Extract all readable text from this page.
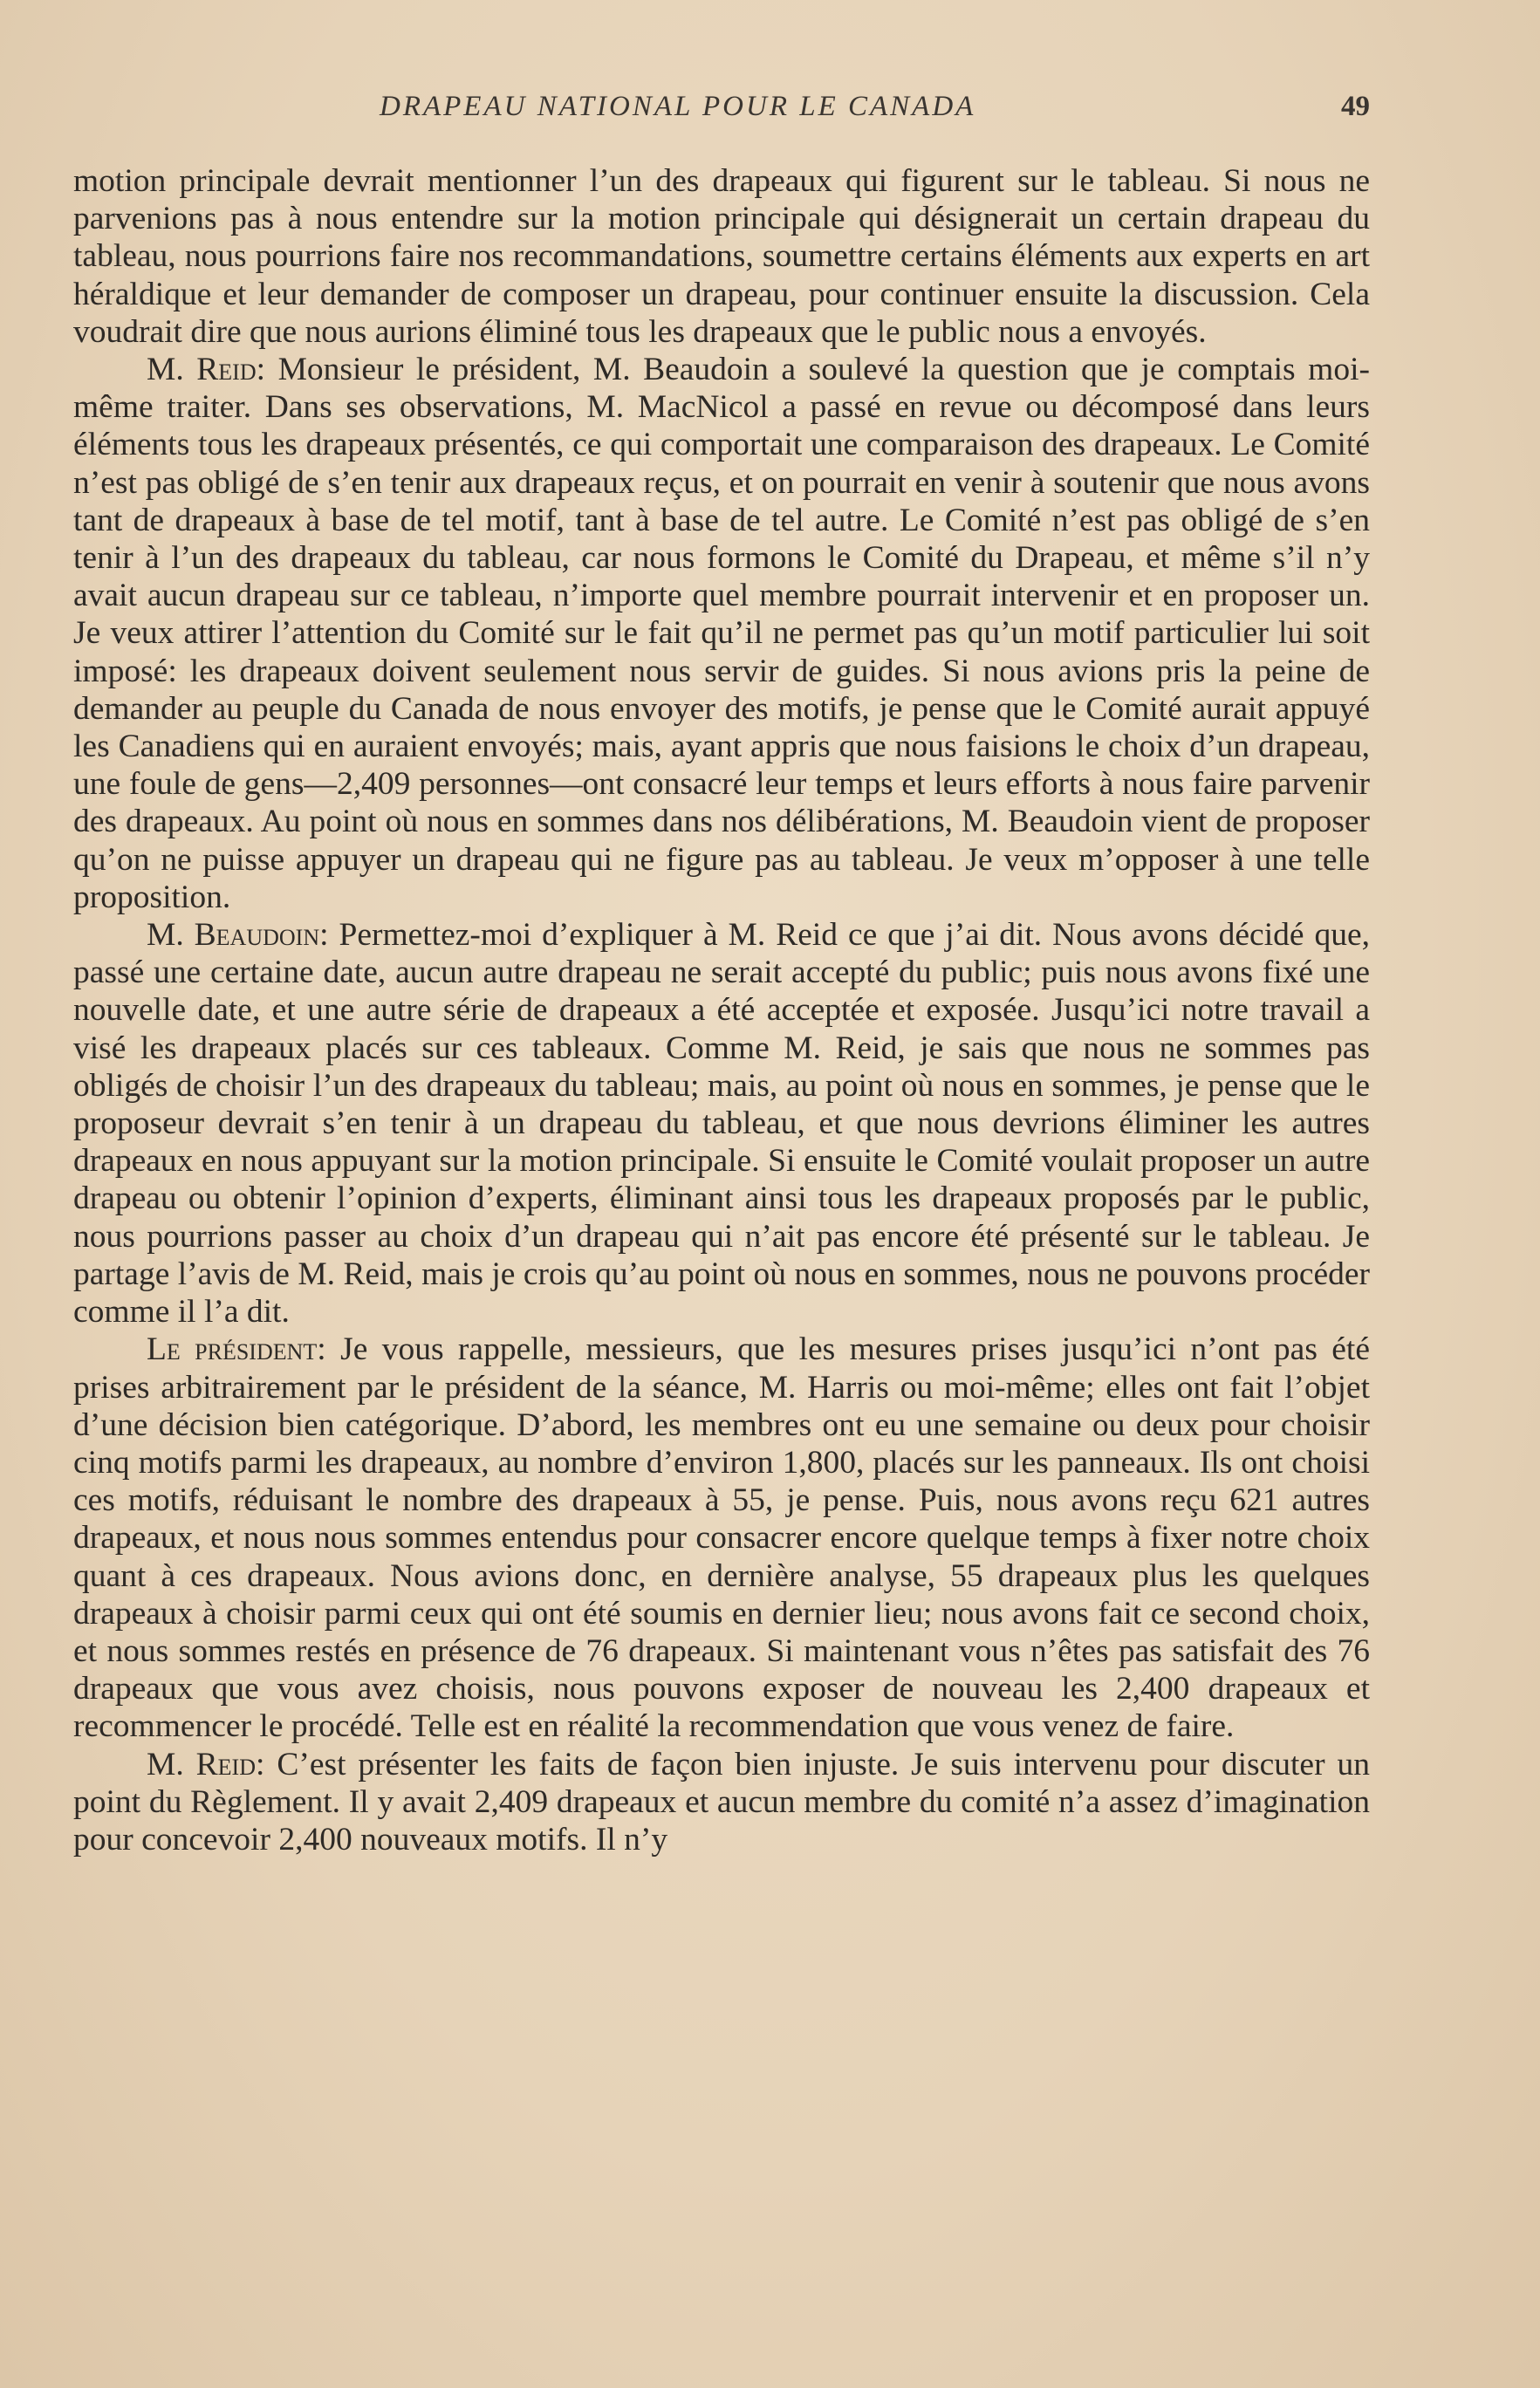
DRAPEAU NATIONAL POUR LE CANADA	49

motion principale devrait mentionner l’un des drapeaux qui figurent sur le tableau. Si nous ne parvenions pas à nous entendre sur la motion principale qui désignerait un certain drapeau du tableau, nous pourrions faire nos recommandations, soumettre certains éléments aux experts en art héraldique et leur demander de composer un drapeau, pour continuer ensuite la discussion. Cela voudrait dire que nous aurions éliminé tous les drapeaux que le public nous a envoyés.

M. Reid: Monsieur le président, M. Beaudoin a soulevé la question que je comptais moi-même traiter. Dans ses observations, M. MacNicol a passé en revue ou décomposé dans leurs éléments tous les drapeaux présentés, ce qui comportait une comparaison des drapeaux. Le Comité n’est pas obligé de s’en tenir aux drapeaux reçus, et on pourrait en venir à soutenir que nous avons tant de drapeaux à base de tel motif, tant à base de tel autre. Le Comité n’est pas obligé de s’en tenir à l’un des drapeaux du tableau, car nous formons le Comité du Drapeau, et même s’il n’y avait aucun drapeau sur ce tableau, n’importe quel membre pourrait intervenir et en proposer un. Je veux attirer l’attention du Comité sur le fait qu’il ne permet pas qu’un motif particulier lui soit imposé: les drapeaux doivent seulement nous servir de guides. Si nous avions pris la peine de demander au peuple du Canada de nous envoyer des motifs, je pense que le Comité aurait appuyé les Canadiens qui en auraient envoyés; mais, ayant appris que nous faisions le choix d’un drapeau, une foule de gens—2,409 personnes—ont consacré leur temps et leurs efforts à nous faire parvenir des drapeaux. Au point où nous en sommes dans nos délibérations, M. Beaudoin vient de proposer qu’on ne puisse appuyer un drapeau qui ne figure pas au tableau. Je veux m’opposer à une telle proposition.

M. Beaudoin: Permettez-moi d’expliquer à M. Reid ce que j’ai dit. Nous avons décidé que, passé une certaine date, aucun autre drapeau ne serait accepté du public; puis nous avons fixé une nouvelle date, et une autre série de drapeaux a été acceptée et exposée. Jusqu’ici notre travail a visé les drapeaux placés sur ces tableaux. Comme M. Reid, je sais que nous ne sommes pas obligés de choisir l’un des drapeaux du tableau; mais, au point où nous en sommes, je pense que le proposeur devrait s’en tenir à un drapeau du tableau, et que nous devrions éliminer les autres drapeaux en nous appuyant sur la motion principale. Si ensuite le Comité voulait proposer un autre drapeau ou obtenir l’opinion d’experts, éliminant ainsi tous les drapeaux proposés par le public, nous pourrions passer au choix d’un drapeau qui n’ait pas encore été présenté sur le tableau. Je partage l’avis de M. Reid, mais je crois qu’au point où nous en sommes, nous ne pouvons procéder comme il l’a dit.

Le président: Je vous rappelle, messieurs, que les mesures prises jusqu’ici n’ont pas été prises arbitrairement par le président de la séance, M. Harris ou moi-même; elles ont fait l’objet d’une décision bien catégorique. D’abord, les membres ont eu une semaine ou deux pour choisir cinq motifs parmi les drapeaux, au nombre d’environ 1,800, placés sur les panneaux. Ils ont choisi ces motifs, réduisant le nombre des drapeaux à 55, je pense. Puis, nous avons reçu 621 autres drapeaux, et nous nous sommes entendus pour consacrer encore quelque temps à fixer notre choix quant à ces drapeaux. Nous avions donc, en dernière analyse, 55 drapeaux plus les quelques drapeaux à choisir parmi ceux qui ont été soumis en dernier lieu; nous avons fait ce second choix, et nous sommes restés en présence de 76 drapeaux. Si maintenant vous n’êtes pas satisfait des 76 drapeaux que vous avez choisis, nous pouvons exposer de nouveau les 2,400 drapeaux et recommencer le procédé. Telle est en réalité la recommendation que vous venez de faire.

M. Reid: C’est présenter les faits de façon bien injuste. Je suis intervenu pour discuter un point du Règlement. Il y avait 2,409 drapeaux et aucun membre du comité n’a assez d’imagination pour concevoir 2,400 nouveaux motifs. Il n’y
